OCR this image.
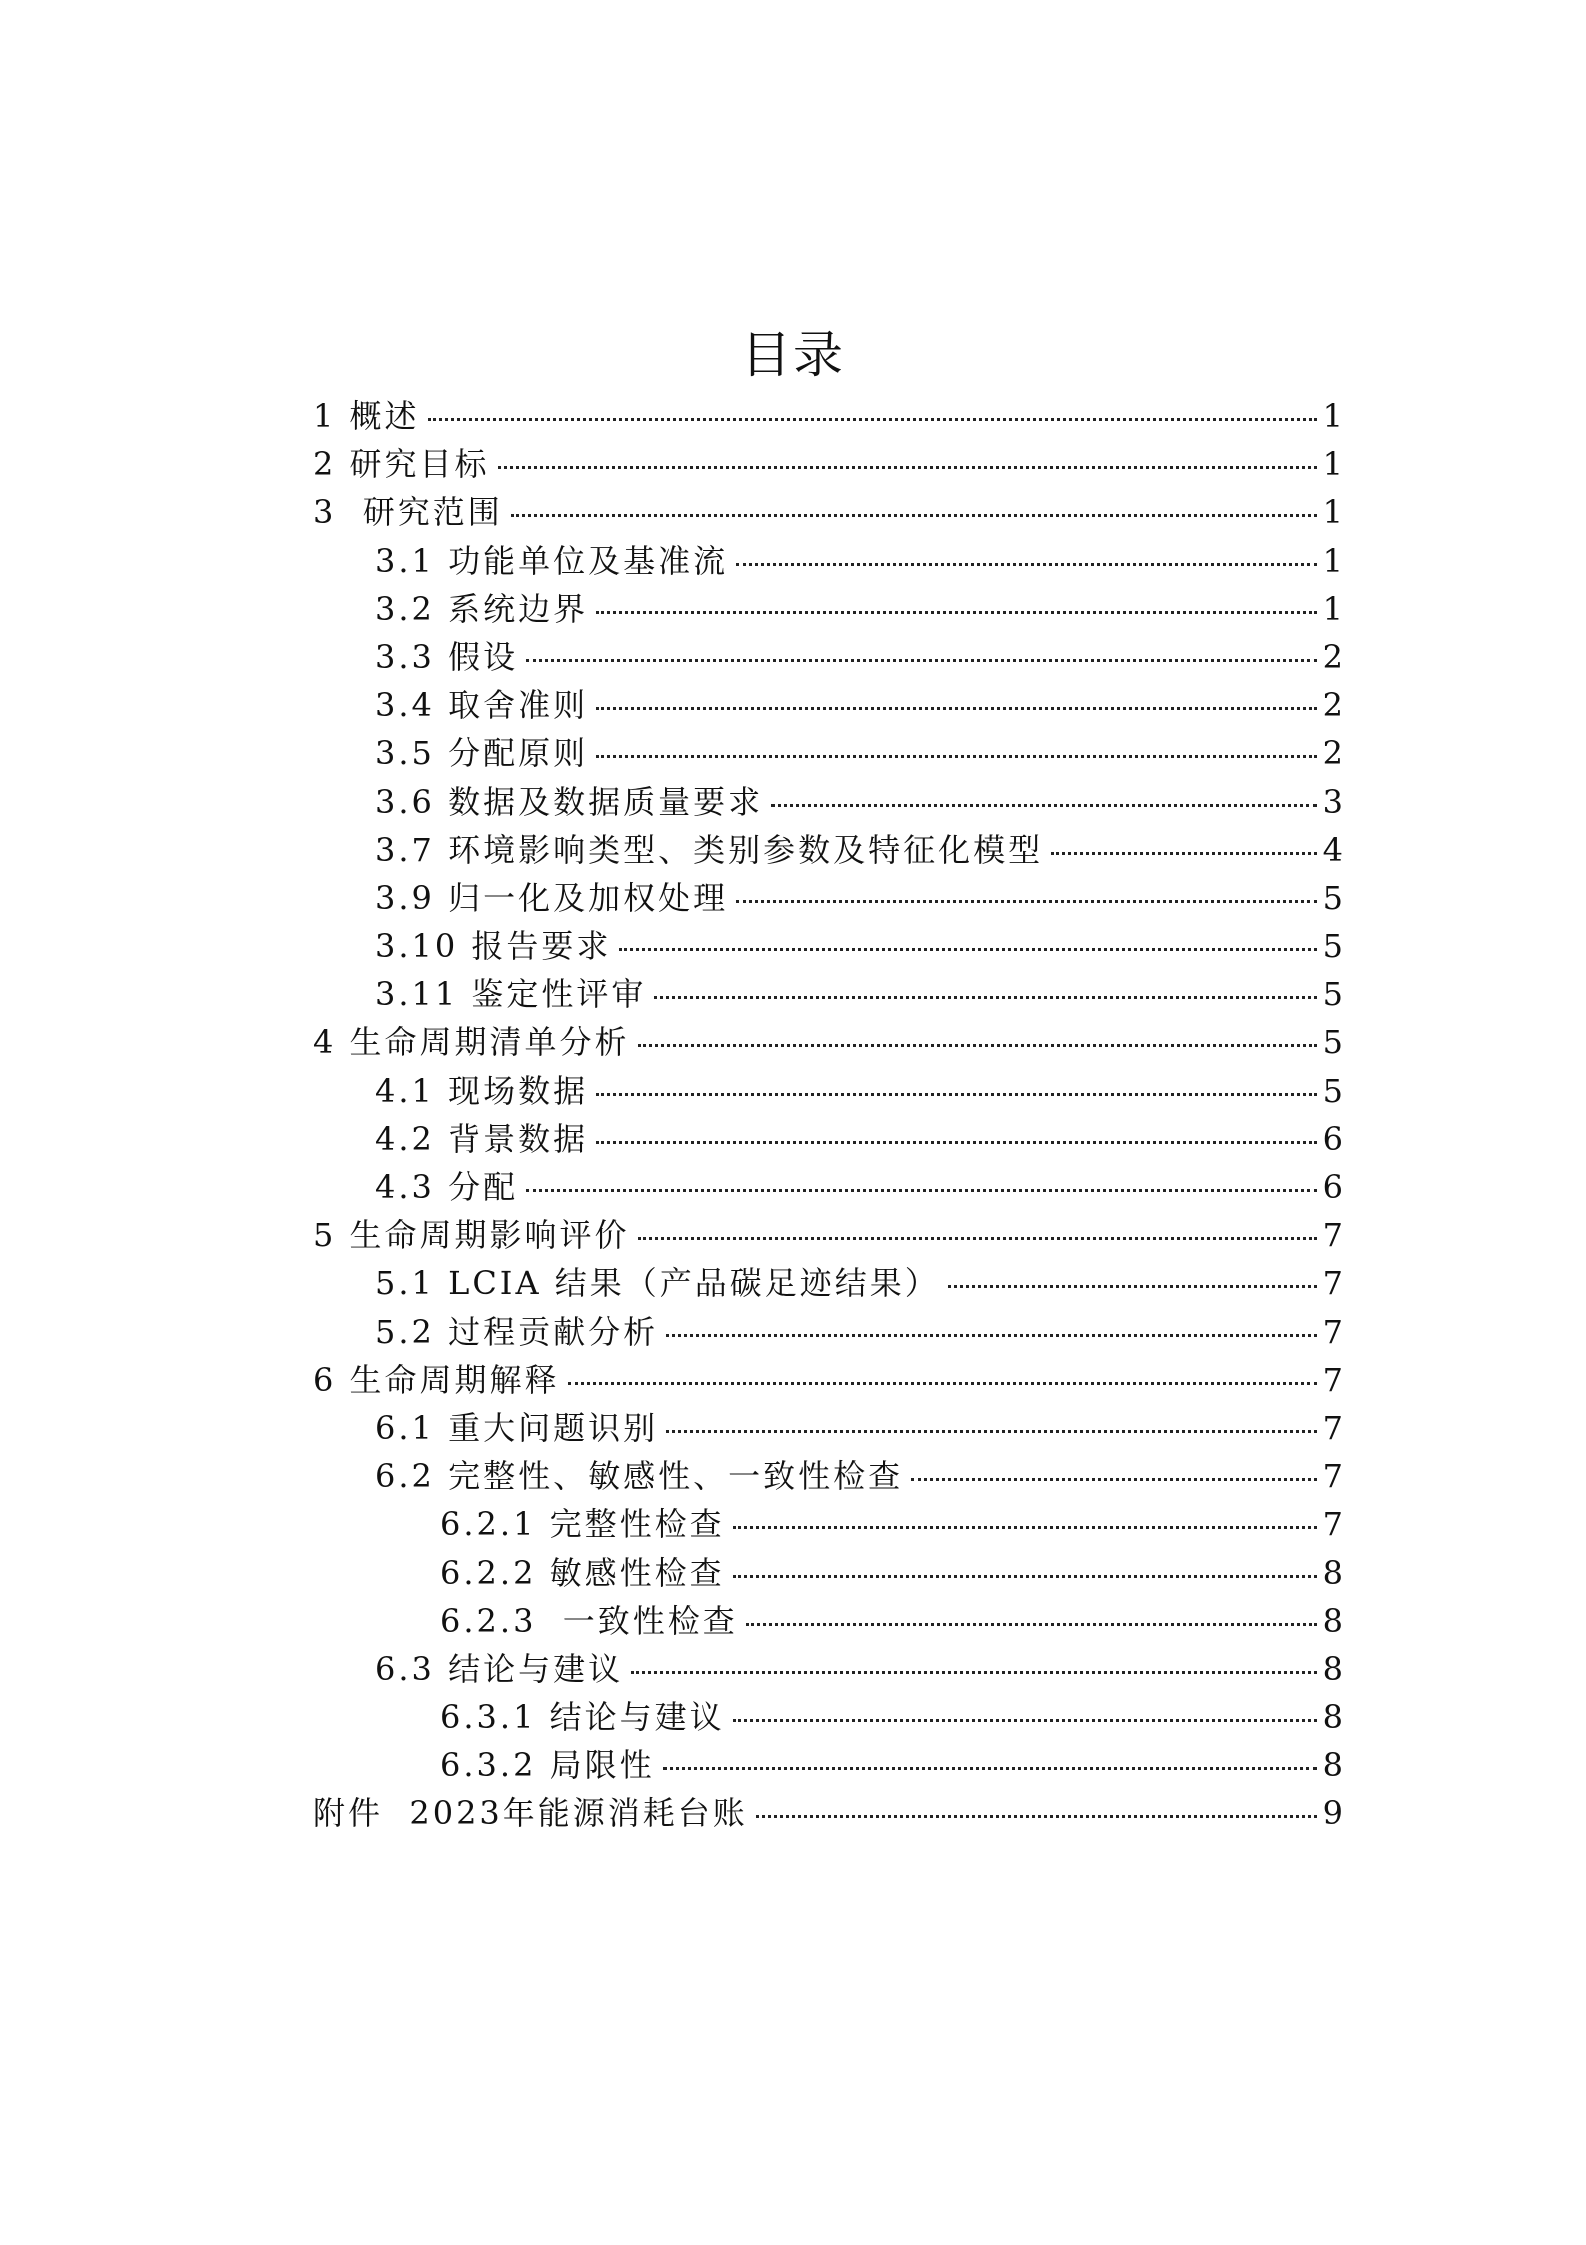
目录
1 概述	1
2 研究目标	1
3  研究范围	1
3.1 功能单位及基准流	1
3.2 系统边界	1
3.3 假设	2
3.4 取舍准则	2
3.5 分配原则	2
3.6 数据及数据质量要求	3
3.7 环境影响类型、类别参数及特征化模型	4
3.9 归一化及加权处理	5
3.10 报告要求	5
3.11 鉴定性评审	5
4 生命周期清单分析	5
4.1 现场数据	5
4.2 背景数据	6
4.3 分配	6
5 生命周期影响评价	7
5.1 LCIA 结果（产品碳足迹结果）	7
5.2 过程贡献分析	7
6 生命周期解释	7
6.1 重大问题识别	7
6.2 完整性、敏感性、一致性检查	7
6.2.1 完整性检查	7
6.2.2 敏感性检查	8
6.2.3  一致性检查	8
6.3 结论与建议	8
6.3.1 结论与建议	8
6.3.2 局限性	8
附件  2023年能源消耗台账	9
